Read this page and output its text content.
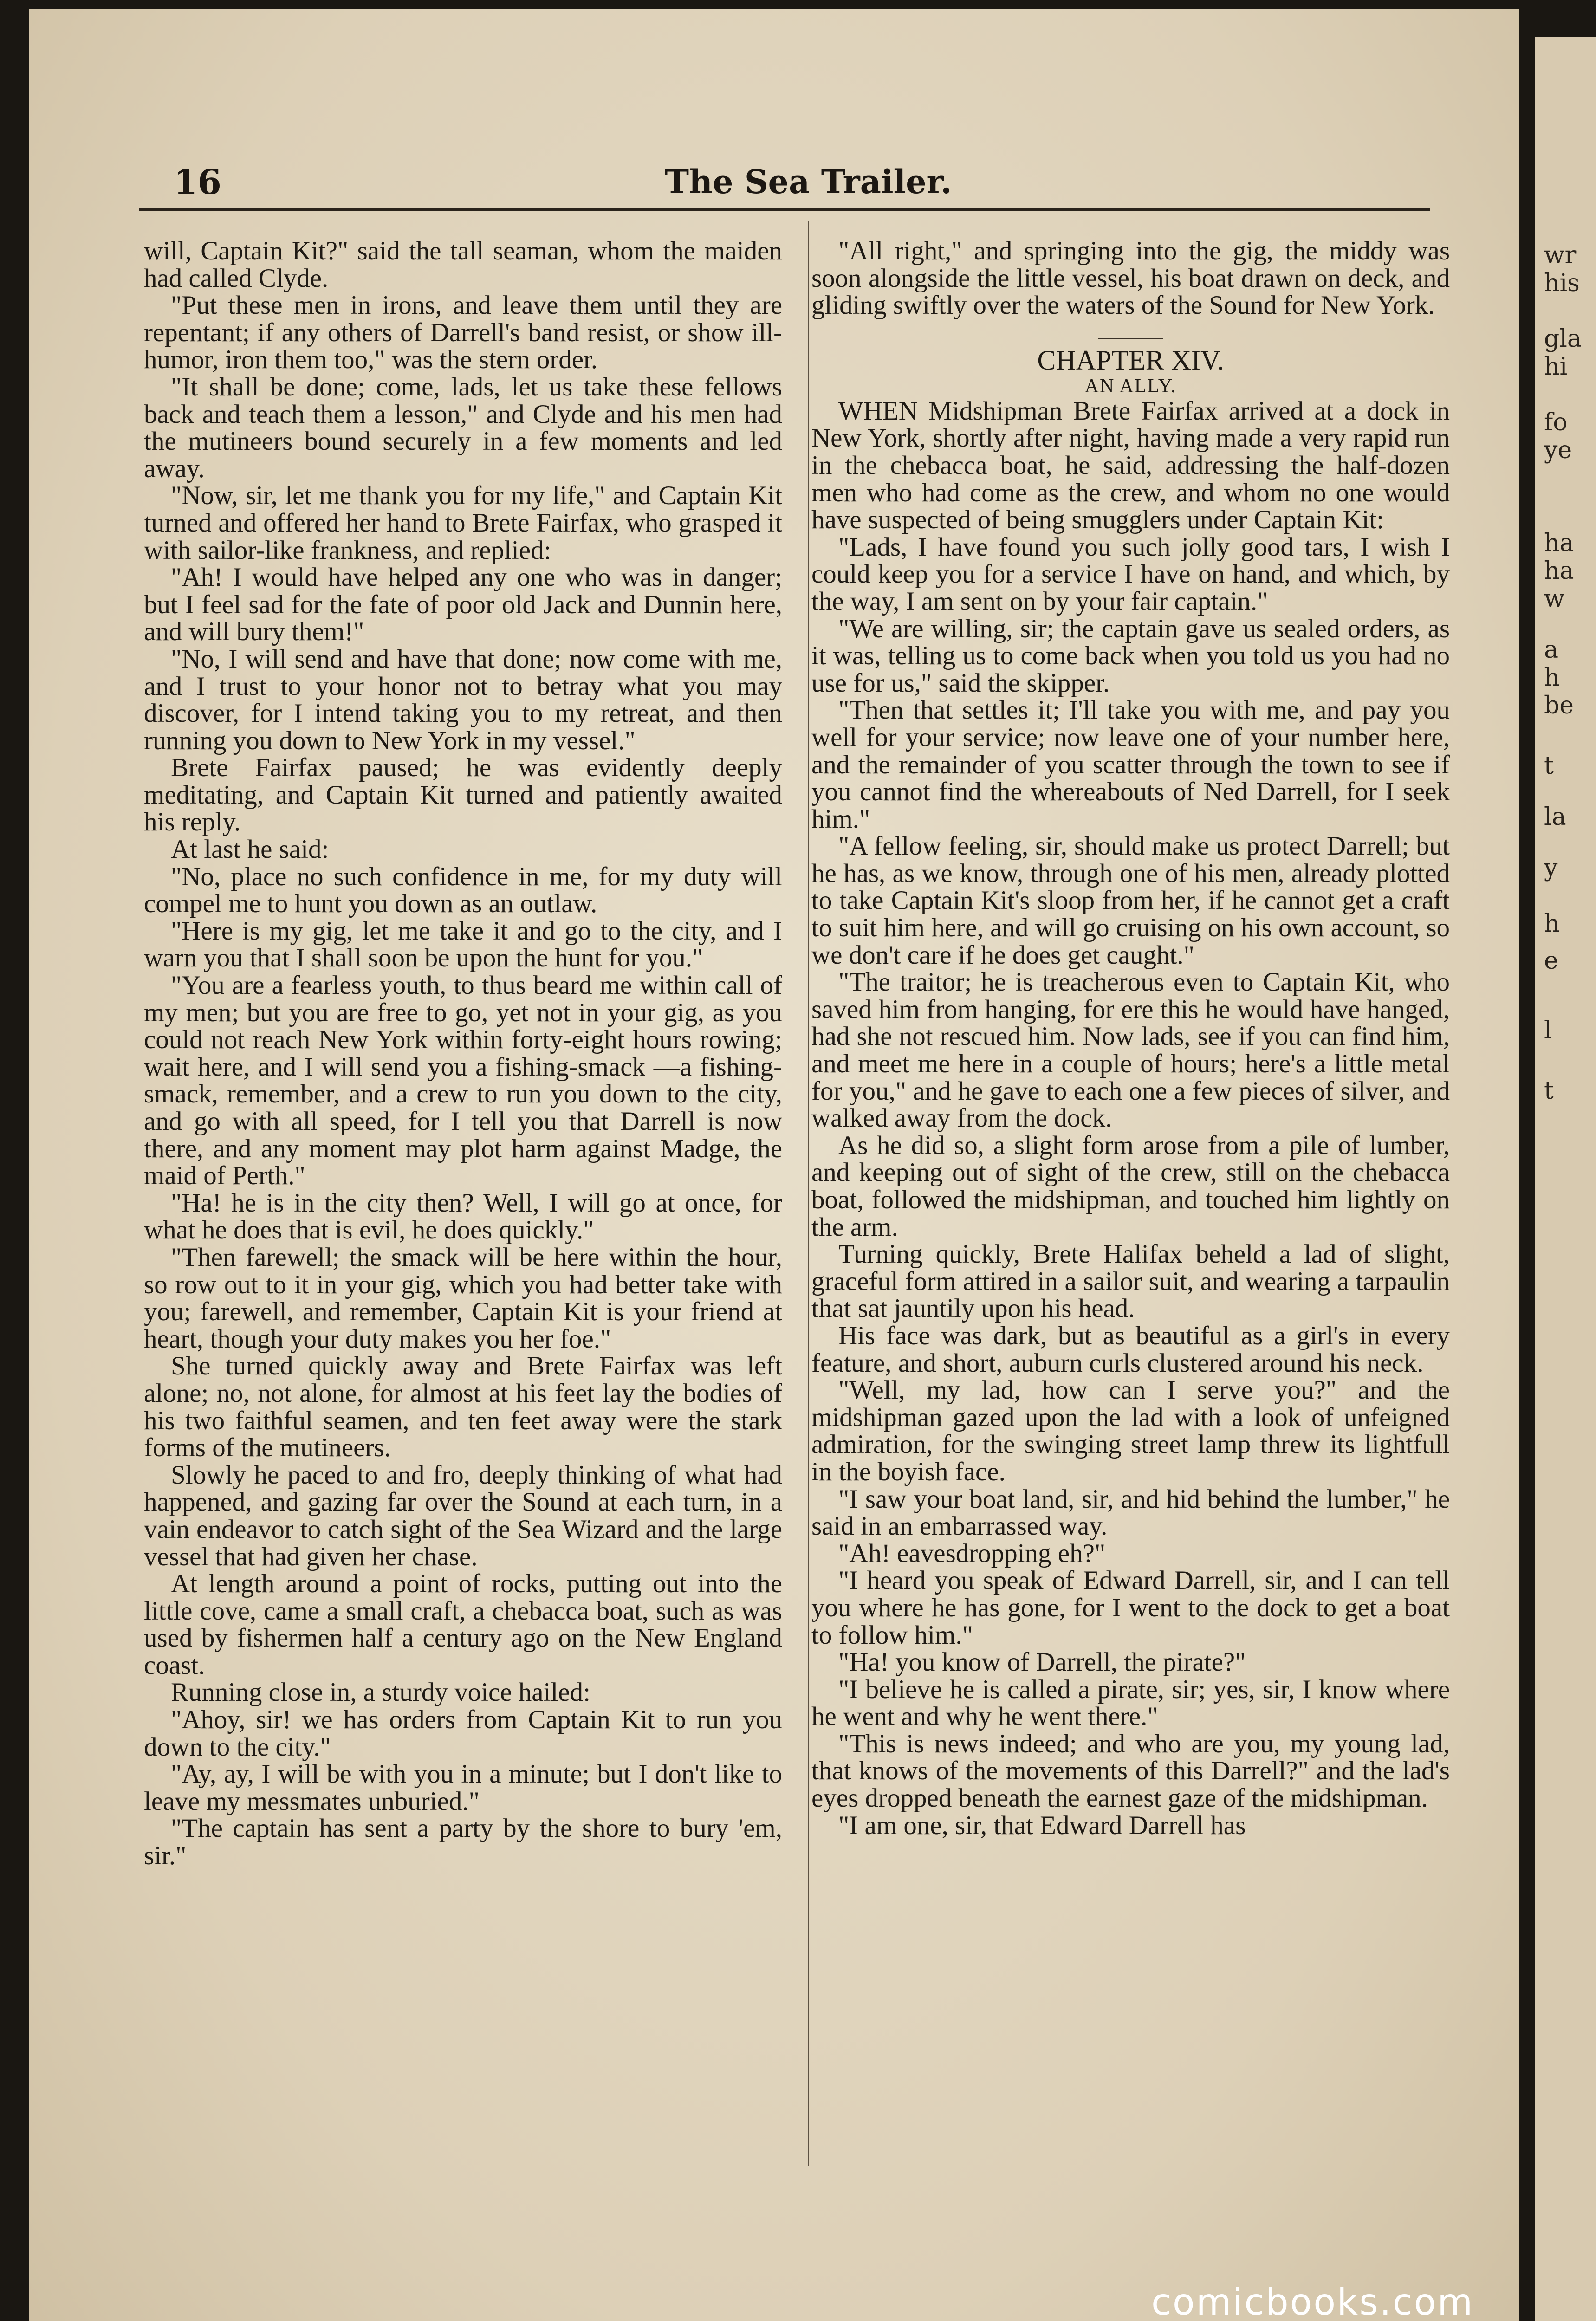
wr
his
gla
hi
fo
ye
ha
ha
w
a
h
be
t
la
y
h
e
l
t
16	The Sea Trailer.

will, Captain Kit?" said the tall seaman, whom the maiden had called Clyde.

"Put these men in irons, and leave them until they are repentant; if any others of Darrell's band resist, or show ill-humor, iron them too," was the stern order.

"It shall be done; come, lads, let us take these fellows back and teach them a lesson," and Clyde and his men had the mutineers bound securely in a few moments and led away.

"Now, sir, let me thank you for my life," and Captain Kit turned and offered her hand to Brete Fairfax, who grasped it with sailor-like frankness, and replied:

"Ah! I would have helped any one who was in danger; but I feel sad for the fate of poor old Jack and Dunnin here, and will bury them!"

"No, I will send and have that done; now come with me, and I trust to your honor not to betray what you may discover, for I intend taking you to my retreat, and then running you down to New York in my vessel."

Brete Fairfax paused; he was evidently deeply meditating, and Captain Kit turned and patiently awaited his reply.

At last he said:

"No, place no such confidence in me, for my duty will compel me to hunt you down as an outlaw.

"Here is my gig, let me take it and go to the city, and I warn you that I shall soon be upon the hunt for you."

"You are a fearless youth, to thus beard me within call of my men; but you are free to go, yet not in your gig, as you could not reach New York within forty-eight hours rowing; wait here, and I will send you a fishing-smack —a fishing-smack, remember, and a crew to run you down to the city, and go with all speed, for I tell you that Darrell is now there, and any moment may plot harm against Madge, the maid of Perth."

"Ha! he is in the city then? Well, I will go at once, for what he does that is evil, he does quickly."

"Then farewell; the smack will be here within the hour, so row out to it in your gig, which you had better take with you; farewell, and remember, Captain Kit is your friend at heart, though your duty makes you her foe."

She turned quickly away and Brete Fairfax was left alone; no, not alone, for almost at his feet lay the bodies of his two faithful seamen, and ten feet away were the stark forms of the mutineers.

Slowly he paced to and fro, deeply thinking of what had happened, and gazing far over the Sound at each turn, in a vain endeavor to catch sight of the Sea Wizard and the large vessel that had given her chase.

At length around a point of rocks, putting out into the little cove, came a small craft, a chebacca boat, such as was used by fishermen half a century ago on the New England coast.

Running close in, a sturdy voice hailed:

"Ahoy, sir! we has orders from Captain Kit to run you down to the city."

"Ay, ay, I will be with you in a minute; but I don't like to leave my messmates unburied."

"The captain has sent a party by the shore to bury 'em, sir."

"All right," and springing into the gig, the middy was soon alongside the little vessel, his boat drawn on deck, and gliding swiftly over the waters of the Sound for New York.

CHAPTER XIV.
AN ALLY.

WHEN Midshipman Brete Fairfax arrived at a dock in New York, shortly after night, having made a very rapid run in the chebacca boat, he said, addressing the half-dozen men who had come as the crew, and whom no one would have suspected of being smugglers under Captain Kit:

"Lads, I have found you such jolly good tars, I wish I could keep you for a service I have on hand, and which, by the way, I am sent on by your fair captain."

"We are willing, sir; the captain gave us sealed orders, as it was, telling us to come back when you told us you had no use for us," said the skipper.

"Then that settles it; I'll take you with me, and pay you well for your service; now leave one of your number here, and the remainder of you scatter through the town to see if you cannot find the whereabouts of Ned Darrell, for I seek him."

"A fellow feeling, sir, should make us protect Darrell; but he has, as we know, through one of his men, already plotted to take Captain Kit's sloop from her, if he cannot get a craft to suit him here, and will go cruising on his own account, so we don't care if he does get caught."

"The traitor; he is treacherous even to Captain Kit, who saved him from hanging, for ere this he would have hanged, had she not rescued him. Now lads, see if you can find him, and meet me here in a couple of hours; here's a little metal for you," and he gave to each one a few pieces of silver, and walked away from the dock.

As he did so, a slight form arose from a pile of lumber, and keeping out of sight of the crew, still on the chebacca boat, followed the midshipman, and touched him lightly on the arm.

Turning quickly, Brete Halifax beheld a lad of slight, graceful form attired in a sailor suit, and wearing a tarpaulin that sat jauntily upon his head.

His face was dark, but as beautiful as a girl's in every feature, and short, auburn curls clustered around his neck.

"Well, my lad, how can I serve you?" and the midshipman gazed upon the lad with a look of unfeigned admiration, for the swinging street lamp threw its lightfull in the boyish face.

"I saw your boat land, sir, and hid behind the lumber," he said in an embarrassed way.

"Ah! eavesdropping eh?"

"I heard you speak of Edward Darrell, sir, and I can tell you where he has gone, for I went to the dock to get a boat to follow him."

"Ha! you know of Darrell, the pirate?"

"I believe he is called a pirate, sir; yes, sir, I know where he went and why he went there."

"This is news indeed; and who are you, my young lad, that knows of the movements of this Darrell?" and the lad's eyes dropped beneath the earnest gaze of the midshipman.

"I am one, sir, that Edward Darrell has

comicbooks.com
